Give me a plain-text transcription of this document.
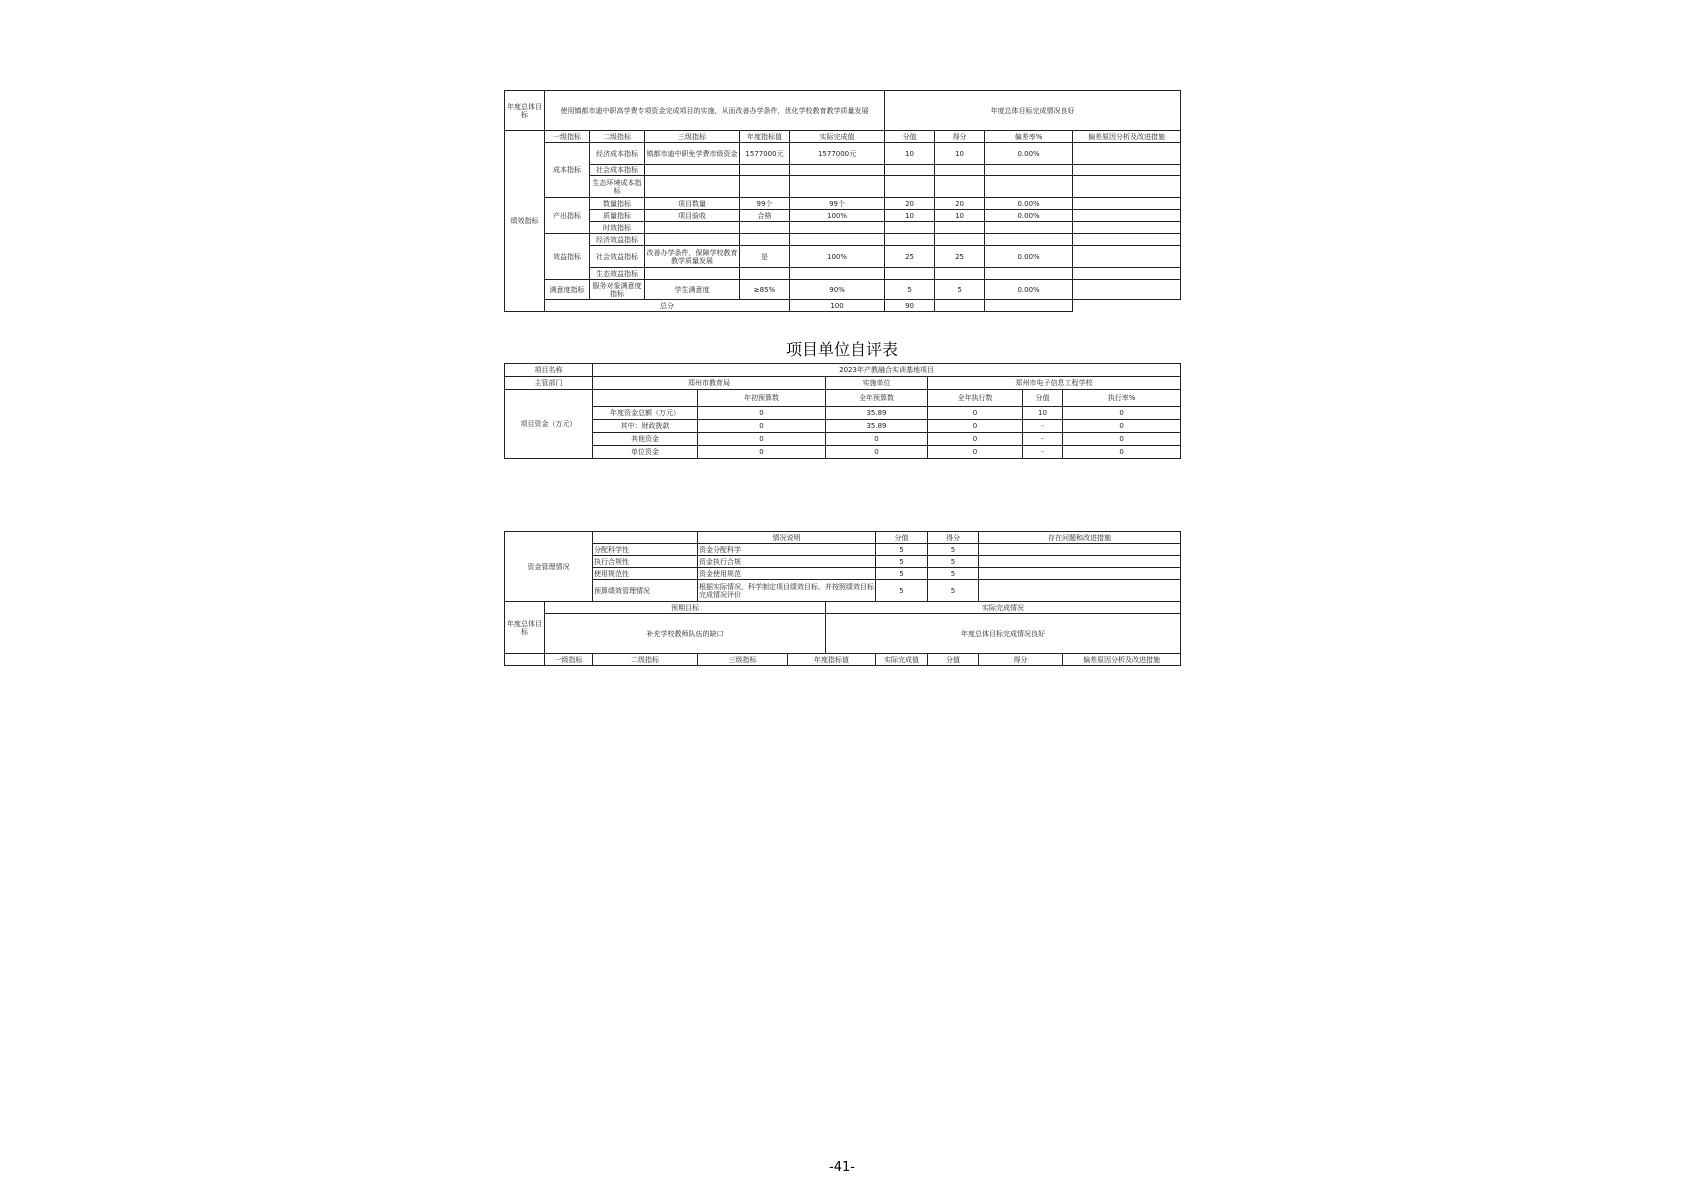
年度总体目标	使用镇都市迪中职高学费专项资金完成项目的实施，从而改善办学条件，优化学校教育教学质量发展					年度总体目标完成情况良好			
绩效指标	一级指标	二级指标	三级指标	年度指标值	实际完成值	分值	得分	偏差率%	偏差原因分析及改进措施
	成本指标	经济成本指标	镇都市迪中职免学费市级资金	1577000元	1577000元	10	10	0.00%	
		社会成本指标							
		生态环境成本指标							
	产出指标	数量指标	项目数量	99个	99个	20	20	0.00%	
		质量指标	项目验收	合格	100%	10	10	0.00%	
		时效指标							
	效益指标	经济效益指标							
		社会效益指标	改善办学条件，保障学校教育教学质量发展	是	100%	25	25	0.00%	
		生态效益指标							
	满意度指标	服务对象满意度指标	学生满意度	≥85%	90%	5	5	0.00%	
	总分				100	90			
项目单位自评表
项目名称	2023年产教融合实训基地项目						
主管部门	郑州市教育局		实施单位	郑州市电子信息工程学校			
项目资金（万元）		年初预算数	全年预算数	全年执行数	分值	执行率%	
	年度资金总额（万元）	0	35.89	0	10	0	
	其中：财政拨款	0	35.89	0	-	0	
	其他资金	0	0	0	-	0	
	单位资金	0	0	0	-	0	
资金管理情况			情况说明			分值	得分	存在问题和改进措施	
		分配科学性	资金分配科学			5	5		
		执行合规性	资金执行合规			5	5		
		使用规范性	资金使用规范			5	5		
		预算绩效管理情况	根据实际情况，科学制定项目绩效目标，并按照绩效目标完成情况评价			5	5		
年度总体目标	预期目标				实际完成情况				
	补充学校教师队伍的缺口				年度总体目标完成情况良好				
	一级指标	二级指标	三级指标	年度指标值		实际完成值	分值	得分	偏差原因分析及改进措施
-41-
